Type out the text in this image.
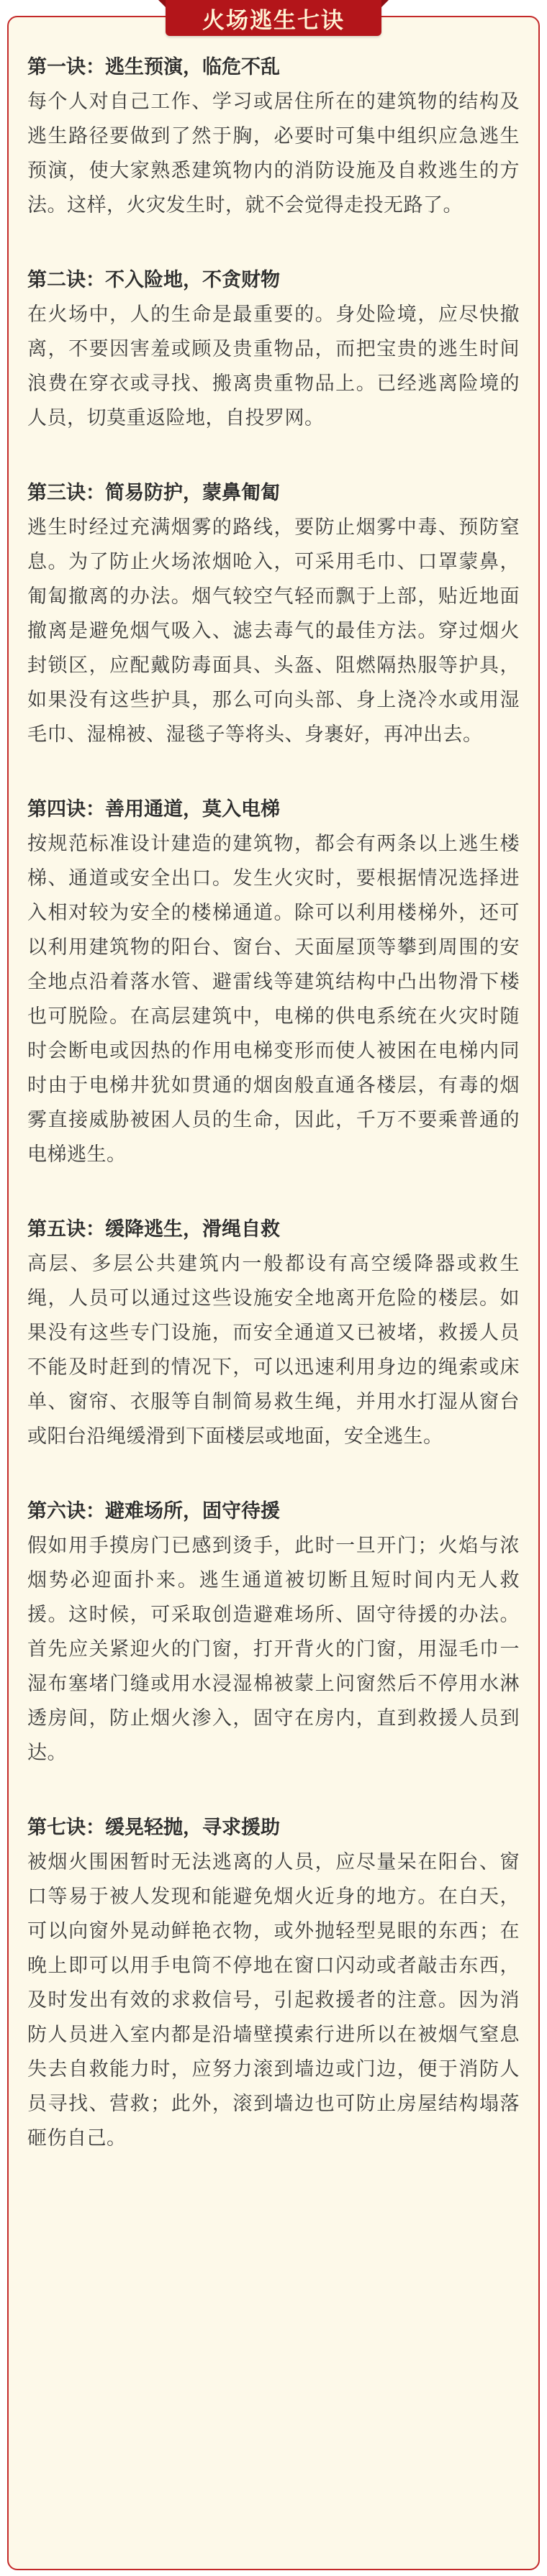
火场逃生七诀

第一诀：逃生预演，临危不乱

每个人对自己工作、学习或居住所在的建筑物的结构及逃生路径要做到了然于胸，必要时可集中组织应急逃生预演，使大家熟悉建筑物内的消防设施及自救逃生的方法。这样，火灾发生时，就不会觉得走投无路了。

第二诀：不入险地，不贪财物

在火场中，人的生命是最重要的。身处险境，应尽快撤离，不要因害羞或顾及贵重物品，而把宝贵的逃生时间浪费在穿衣或寻找、搬离贵重物品上。已经逃离险境的人员，切莫重返险地，自投罗网。

第三诀：简易防护，蒙鼻匍匐

逃生时经过充满烟雾的路线，要防止烟雾中毒、预防窒息。为了防止火场浓烟呛入，可采用毛巾、口罩蒙鼻，匍匐撤离的办法。烟气较空气轻而飘于上部，贴近地面撤离是避免烟气吸入、滤去毒气的最佳方法。穿过烟火封锁区，应配戴防毒面具、头盔、阻燃隔热服等护具，如果没有这些护具，那么可向头部、身上浇冷水或用湿毛巾、湿棉被、湿毯子等将头、身裹好，再冲出去。

第四诀：善用通道，莫入电梯

按规范标准设计建造的建筑物，都会有两条以上逃生楼梯、通道或安全出口。发生火灾时，要根据情况选择进入相对较为安全的楼梯通道。除可以利用楼梯外，还可以利用建筑物的阳台、窗台、天面屋顶等攀到周围的安全地点沿着落水管、避雷线等建筑结构中凸出物滑下楼也可脱险。在高层建筑中，电梯的供电系统在火灾时随时会断电或因热的作用电梯变形而使人被困在电梯内同时由于电梯井犹如贯通的烟囱般直通各楼层，有毒的烟雾直接威胁被困人员的生命，因此，千万不要乘普通的电梯逃生。

第五诀：缓降逃生，滑绳自救

高层、多层公共建筑内一般都设有高空缓降器或救生绳，人员可以通过这些设施安全地离开危险的楼层。如果没有这些专门设施，而安全通道又已被堵，救援人员不能及时赶到的情况下，可以迅速利用身边的绳索或床单、窗帘、衣服等自制简易救生绳，并用水打湿从窗台或阳台沿绳缓滑到下面楼层或地面，安全逃生。

第六诀：避难场所，固守待援

假如用手摸房门已感到烫手，此时一旦开门；火焰与浓烟势必迎面扑来。逃生通道被切断且短时间内无人救援。这时候，可采取创造避难场所、固守待援的办法。首先应关紧迎火的门窗，打开背火的门窗，用湿毛巾一湿布塞堵门缝或用水浸湿棉被蒙上问窗然后不停用水淋透房间，防止烟火渗入，固守在房内，直到救援人员到达。

第七诀：缓晃轻抛，寻求援助

被烟火围困暂时无法逃离的人员，应尽量呆在阳台、窗口等易于被人发现和能避免烟火近身的地方。在白天，可以向窗外晃动鲜艳衣物，或外抛轻型晃眼的东西；在晚上即可以用手电筒不停地在窗口闪动或者敲击东西，及时发出有效的求救信号，引起救援者的注意。因为消防人员进入室内都是沿墙壁摸索行进所以在被烟气窒息失去自救能力时，应努力滚到墙边或门边，便于消防人员寻找、营救；此外，滚到墙边也可防止房屋结构塌落砸伤自己。
